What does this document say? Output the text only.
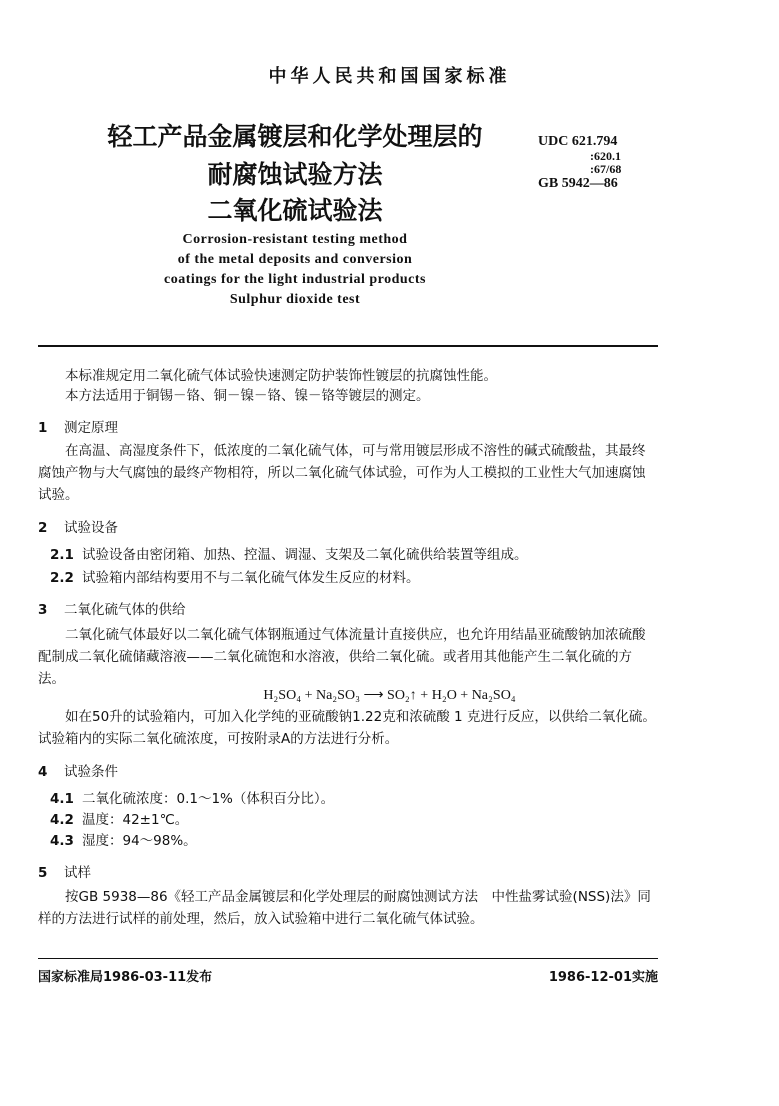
中华人民共和国国家标准
轻工产品金属镀层和化学处理层的
耐腐蚀试验方法
二氧化硫试验法
Corrosion-resistant testing method
of the metal deposits and conversion
coatings for the light industrial products
Sulphur dioxide test
UDC 621.794
:620.1
:67/68
GB 5942—86
本标准规定用二氧化硫气体试验快速测定防护装饰性镀层的抗腐蚀性能。
本方法适用于铜锡－铬、铜－镍－铬、镍－铬等镀层的测定。
1 测定原理
在高温、高湿度条件下，低浓度的二氧化硫气体，可与常用镀层形成不溶性的碱式硫酸盐，其最终腐蚀产物与大气腐蚀的最终产物相符，所以二氧化硫气体试验，可作为人工模拟的工业性大气加速腐蚀试验。
2 试验设备
2.1 试验设备由密闭箱、加热、控温、调湿、支架及二氧化硫供给装置等组成。
2.2 试验箱内部结构要用不与二氧化硫气体发生反应的材料。
3 二氧化硫气体的供给
二氧化硫气体最好以二氧化硫气体钢瓶通过气体流量计直接供应，也允许用结晶亚硫酸钠加浓硫酸配制成二氧化硫储藏溶液——二氧化硫饱和水溶液，供给二氧化硫。或者用其他能产生二氧化硫的方法。
H₂SO₄ + Na₂SO₃ ⟶ SO₂↑ + H₂O + Na₂SO₄
如在50升的试验箱内，可加入化学纯的亚硫酸钠1.22克和浓硫酸 1 克进行反应，以供给二氧化硫。试验箱内的实际二氧化硫浓度，可按附录A的方法进行分析。
4 试验条件
4.1 二氧化硫浓度：0.1～1%（体积百分比）。
4.2 温度：42±1℃。
4.3 湿度：94～98%。
5 试样
按GB 5938—86《轻工产品金属镀层和化学处理层的耐腐蚀测试方法　中性盐雾试验(NSS)法》同样的方法进行试样的前处理，然后，放入试验箱中进行二氧化硫气体试验。
国家标准局1986-03-11发布	1986-12-01实施
